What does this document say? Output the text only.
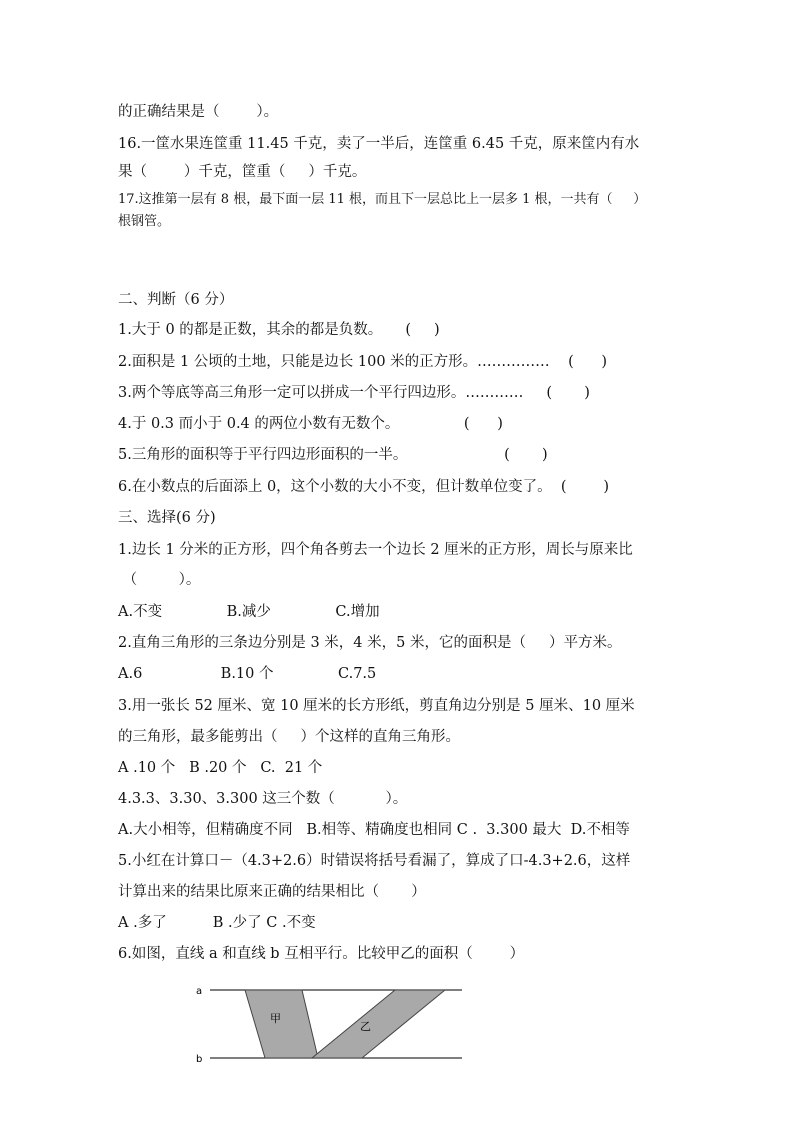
的正确结果是（        ）。
16.一筐水果连筐重 11.45 千克，卖了一半后，连筐重 6.45 千克，原来筐内有水
果（        ）千克，筐重（     ）千克。
17.这推第一层有 8 根，最下面一层 11 根，而且下一层总比上一层多 1 根，一共有（     ）
根钢管。
二、判断（6 分）
1.大于 0 的都是正数，其余的都是负数。     (     )
2.面积是 1 公顷的土地，只能是边长 100 米的正方形。……………    (      )
3.两个等底等高三角形一定可以拼成一个平行四边形。…………     (       )
4.于 0.3 而小于 0.4 的两位小数有无数个。              (      )
5.三角形的面积等于平行四边形面积的一半。                     (       )
6.在小数点的后面添上 0，这个小数的大小不变，但计数单位变了。  (        )
三、选择(6 分)
1.边长 1 分米的正方形，四个角各剪去一个边长 2 厘米的正方形，周长与原来比
（         ）。
A.不变              B.减少              C.增加
2.直角三角形的三条边分别是 3 米，4 米，5 米，它的面积是（     ）平方米。
A.6                 B.10 个              C.7.5
3.用一张长 52 厘米、宽 10 厘米的长方形纸，剪直角边分别是 5 厘米、10 厘米
的三角形，最多能剪出（     ）个这样的直角三角形。
A .10 个   B .20 个   C.  21 个
4.3.3、3.30、3.300 这三个数（           ）。
A.大小相等，但精确度不同   B.相等、精确度也相同 C .  3.300 最大  D.不相等
5.小红在计算口－（4.3+2.6）时错误将括号看漏了，算成了口-4.3+2.6，这样
计算出来的结果比原来正确的结果相比（       ）
A .多了          B .少了 C .不变
6.如图，直线 a 和直线 b 互相平行。比较甲乙的面积（        ）
a
b
甲
乙
